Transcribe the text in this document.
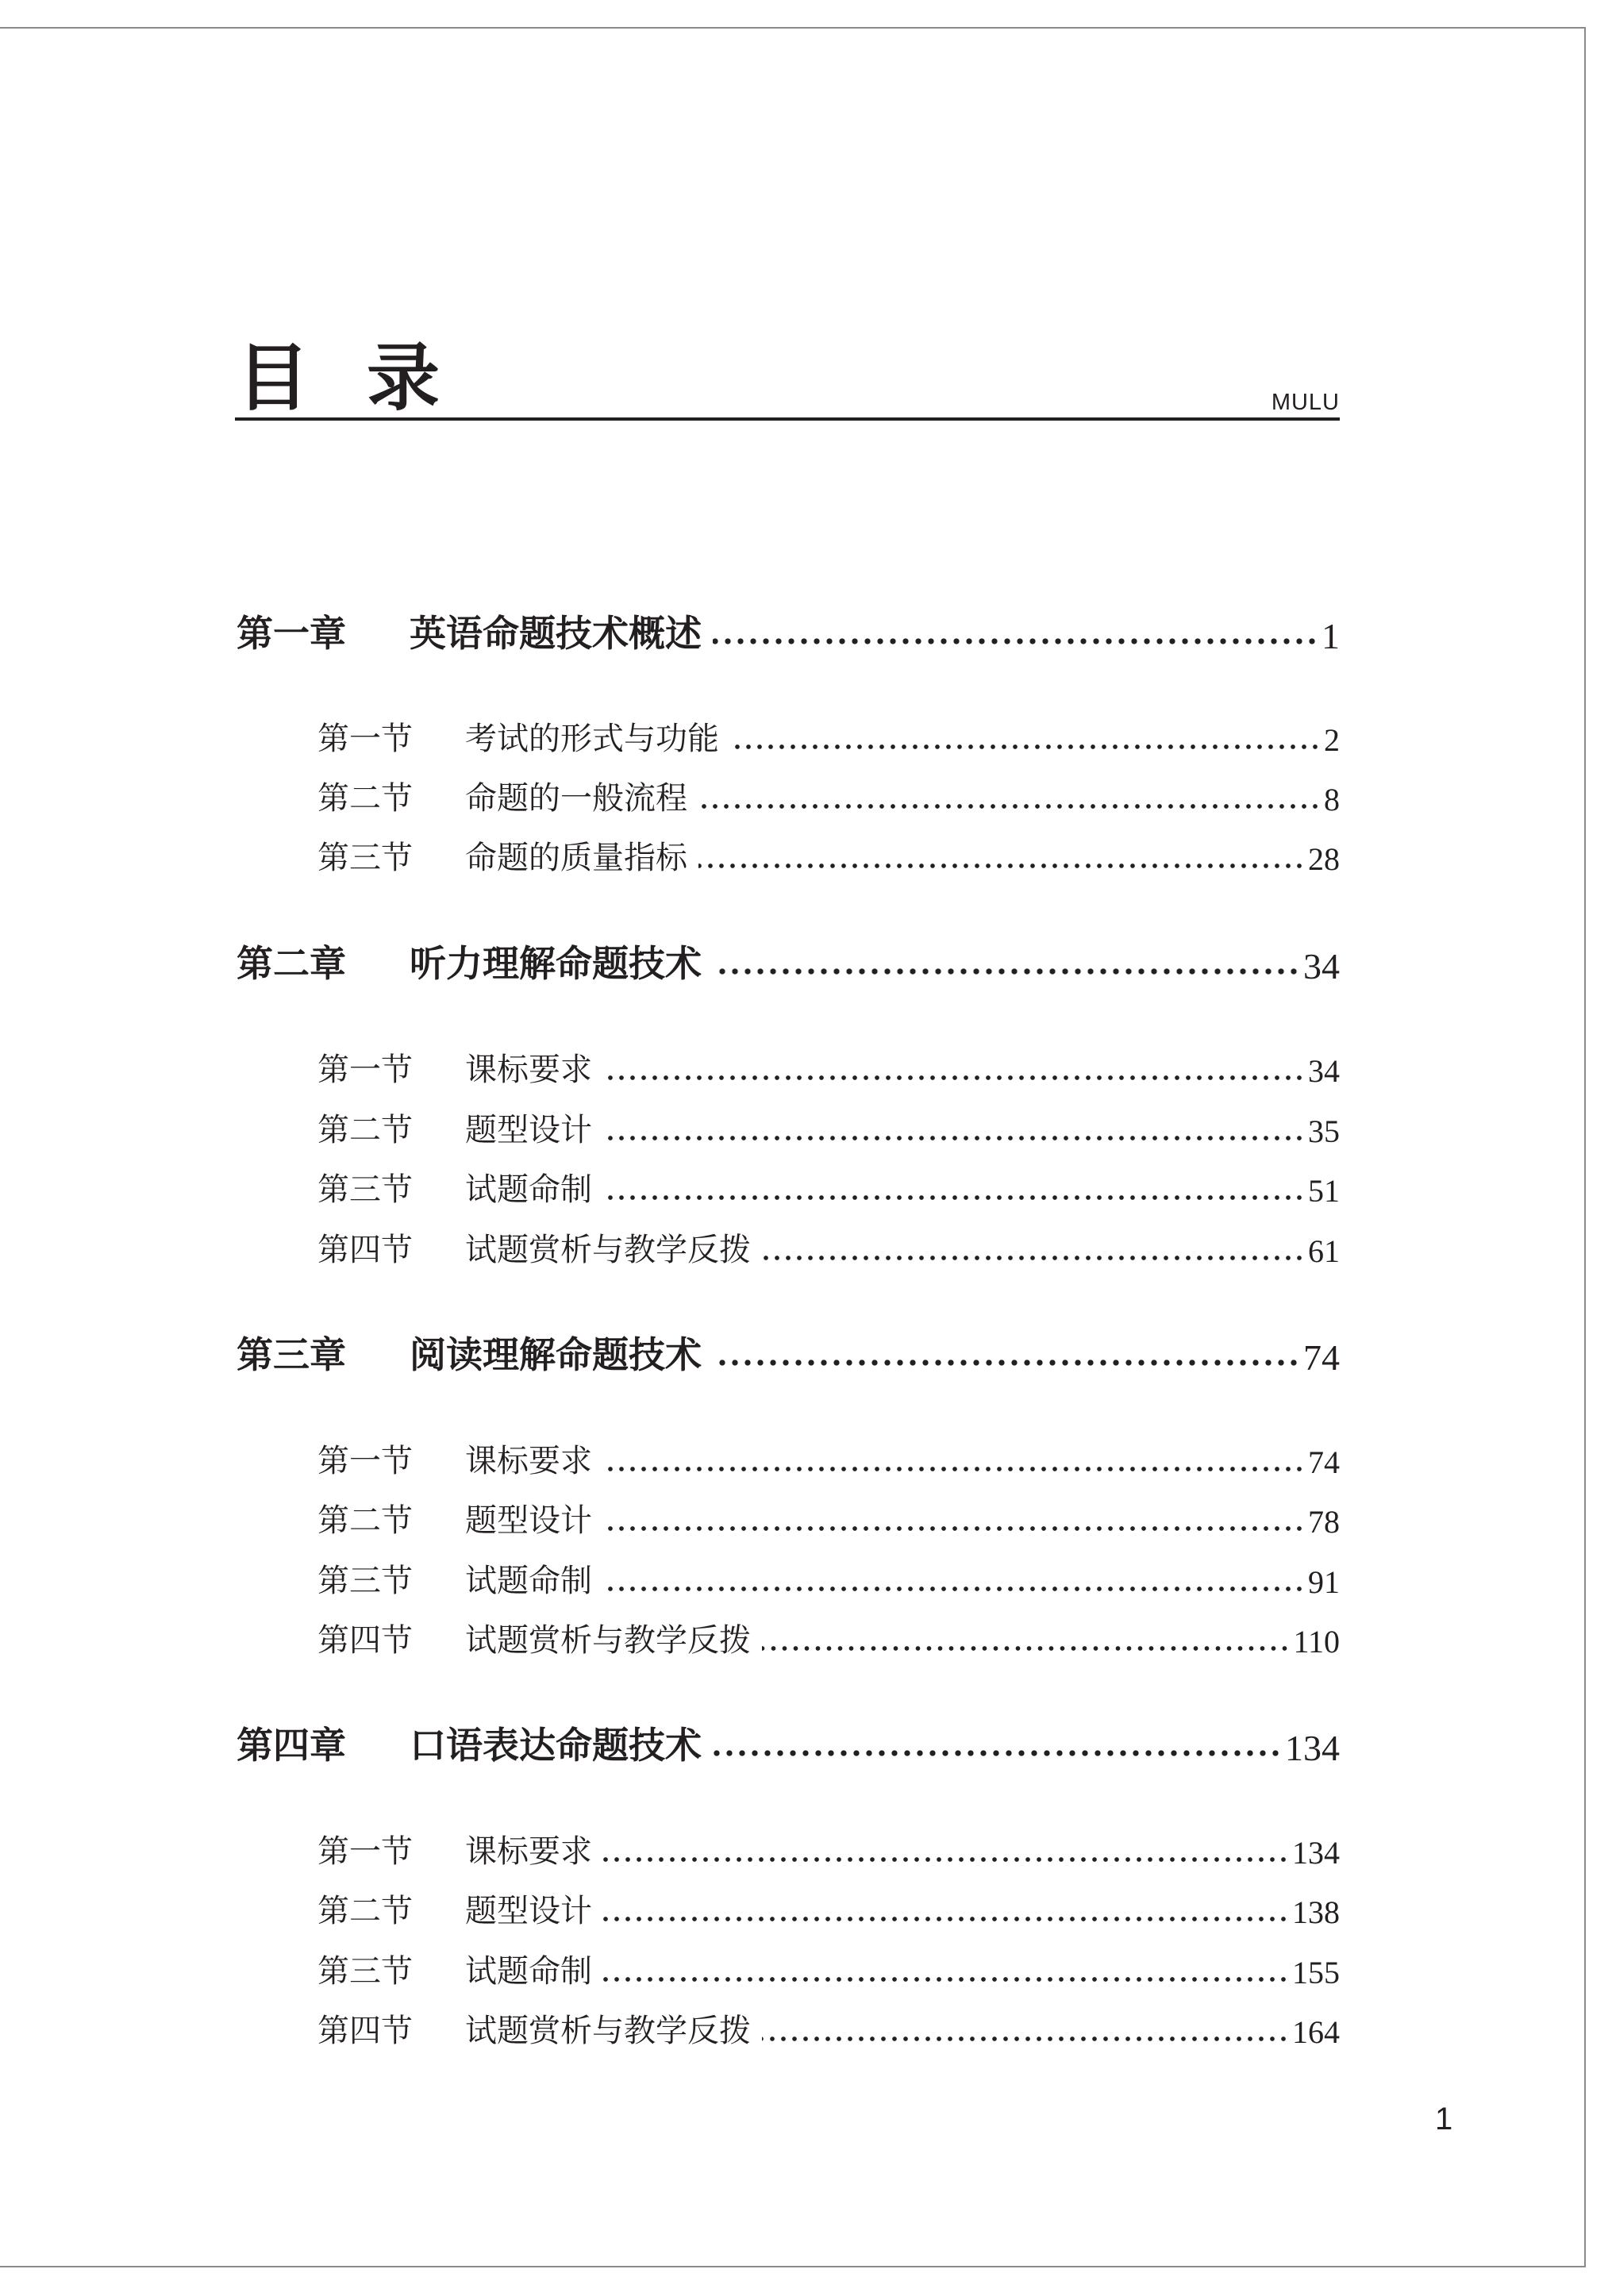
目 录	MULU
第一章	英语命题技术概述	1
第一节	考试的形式与功能	2
第二节	命题的一般流程	8
第三节	命题的质量指标	28
第二章	听力理解命题技术	34
第一节	课标要求	34
第二节	题型设计	35
第三节	试题命制	51
第四节	试题赏析与教学反拨	61
第三章	阅读理解命题技术	74
第一节	课标要求	74
第二节	题型设计	78
第三节	试题命制	91
第四节	试题赏析与教学反拨	110
第四章	口语表达命题技术	134
第一节	课标要求	134
第二节	题型设计	138
第三节	试题命制	155
第四节	试题赏析与教学反拨	164
1
